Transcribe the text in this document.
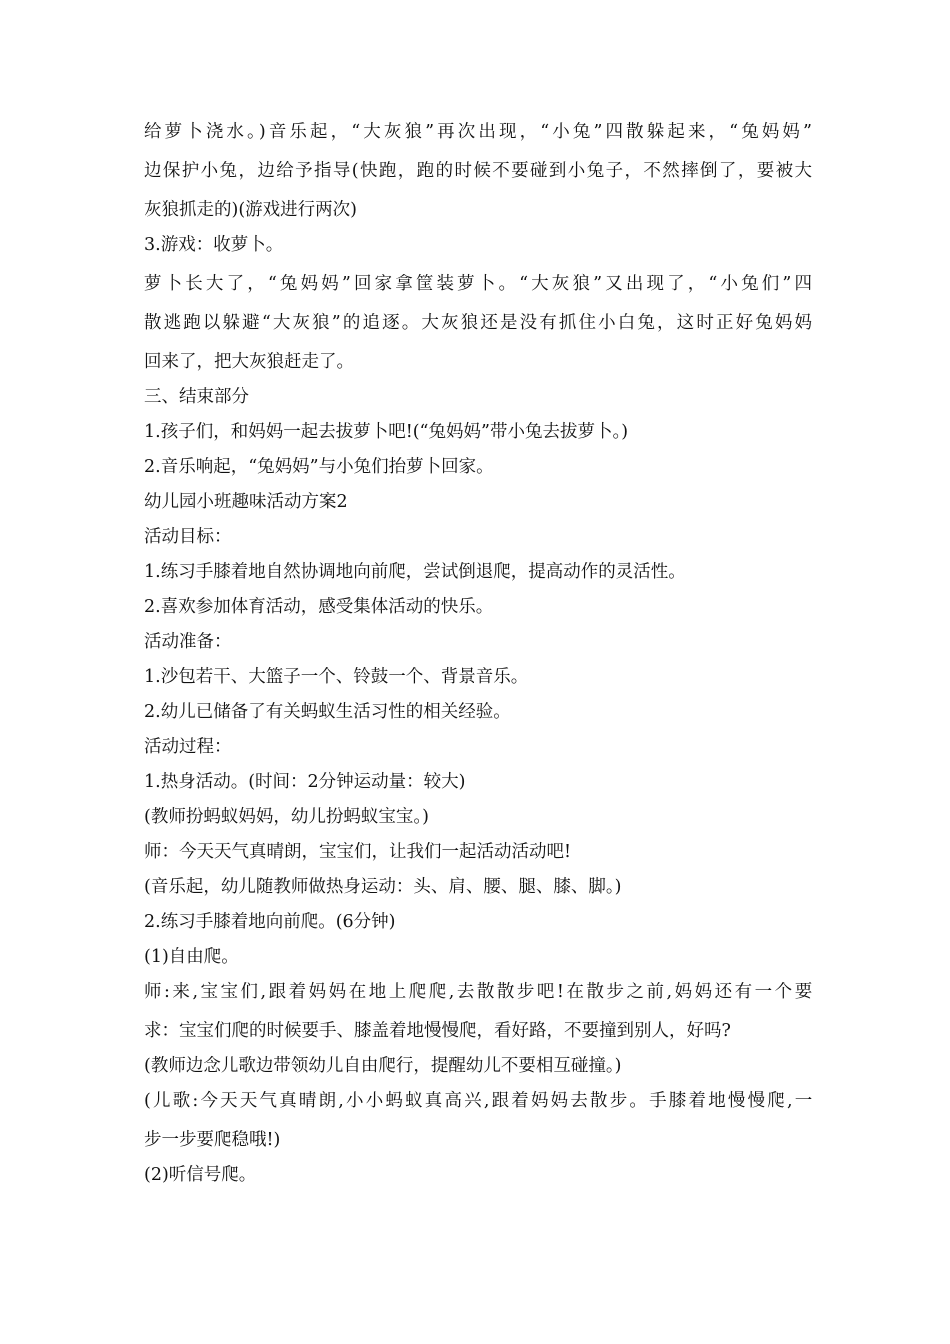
给萝卜浇水。)音乐起，“大灰狼”再次出现，“小兔”四散躲起来，“兔妈妈”
边保护小兔，边给予指导(快跑，跑的时候不要碰到小兔子，不然摔倒了，要被大
灰狼抓走的)(游戏进行两次)
3.游戏：收萝卜。
萝卜长大了，“兔妈妈”回家拿筐装萝卜。“大灰狼”又出现了，“小兔们”四
散逃跑以躲避“大灰狼”的追逐。大灰狼还是没有抓住小白兔，这时正好兔妈妈
回来了，把大灰狼赶走了。
三、结束部分
1.孩子们，和妈妈一起去拔萝卜吧!(“兔妈妈”带小兔去拔萝卜。)
2.音乐响起，“兔妈妈”与小兔们抬萝卜回家。
幼儿园小班趣味活动方案2
活动目标：
1.练习手膝着地自然协调地向前爬，尝试倒退爬，提高动作的灵活性。
2.喜欢参加体育活动，感受集体活动的快乐。
活动准备：
1.沙包若干、大篮子一个、铃鼓一个、背景音乐。
2.幼儿已储备了有关蚂蚁生活习性的相关经验。
活动过程：
1.热身活动。(时间：2分钟运动量：较大)
(教师扮蚂蚁妈妈，幼儿扮蚂蚁宝宝。)
师：今天天气真晴朗，宝宝们，让我们一起活动活动吧!
(音乐起，幼儿随教师做热身运动：头、肩、腰、腿、膝、脚。)
2.练习手膝着地向前爬。(6分钟)
(1)自由爬。
师:来,宝宝们,跟着妈妈在地上爬爬,去散散步吧!在散步之前,妈妈还有一个要
求：宝宝们爬的时候要手、膝盖着地慢慢爬，看好路，不要撞到别人，好吗?
(教师边念儿歌边带领幼儿自由爬行，提醒幼儿不要相互碰撞。)
(儿歌:今天天气真晴朗,小小蚂蚁真高兴,跟着妈妈去散步。手膝着地慢慢爬,一
步一步要爬稳哦!)
(2)听信号爬。
